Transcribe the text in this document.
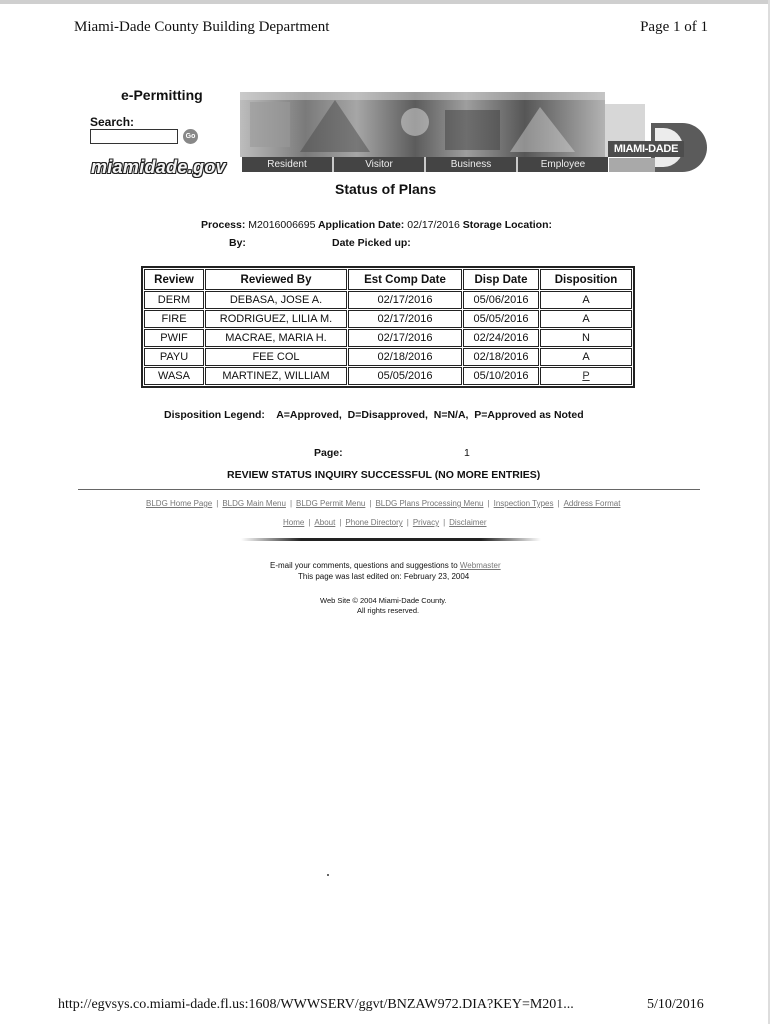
Miami-Dade County Building Department	Page 1 of 1
e-Permitting
Search:
Go
miamidade.gov	Resident	Visitor	Business	Employee
MIAMI-DADE
Status of Plans
Process: M2016006695 Application Date: 02/17/2016 Storage Location:
By:	Date Picked up:
Review	Reviewed By	Est Comp Date	Disp Date	Disposition
DERM	DEBASA, JOSE A.	02/17/2016	05/06/2016	A
FIRE	RODRIGUEZ, LILIA M.	02/17/2016	05/05/2016	A
PWIF	MACRAE, MARIA H.	02/17/2016	02/24/2016	N
PAYU	FEE COL	02/18/2016	02/18/2016	A
WASA	MARTINEZ, WILLIAM	05/05/2016	05/10/2016	P
Disposition Legend: A=Approved,  D=Disapproved,  N=N/A,  P=Approved as Noted
Page:	1
REVIEW STATUS INQUIRY SUCCESSFUL (NO MORE ENTRIES)
BLDG Home Page | BLDG Main Menu | BLDG Permit Menu | BLDG Plans Processing Menu | Inspection Types | Address Format
Home | About | Phone Directory | Privacy | Disclaimer
E-mail your comments, questions and suggestions to Webmaster
This page was last edited on: February 23, 2004
Web Site © 2004 Miami-Dade County.
All rights reserved.
http://egvsys.co.miami-dade.fl.us:1608/WWWSERV/ggvt/BNZAW972.DIA?KEY=M201...	5/10/2016
